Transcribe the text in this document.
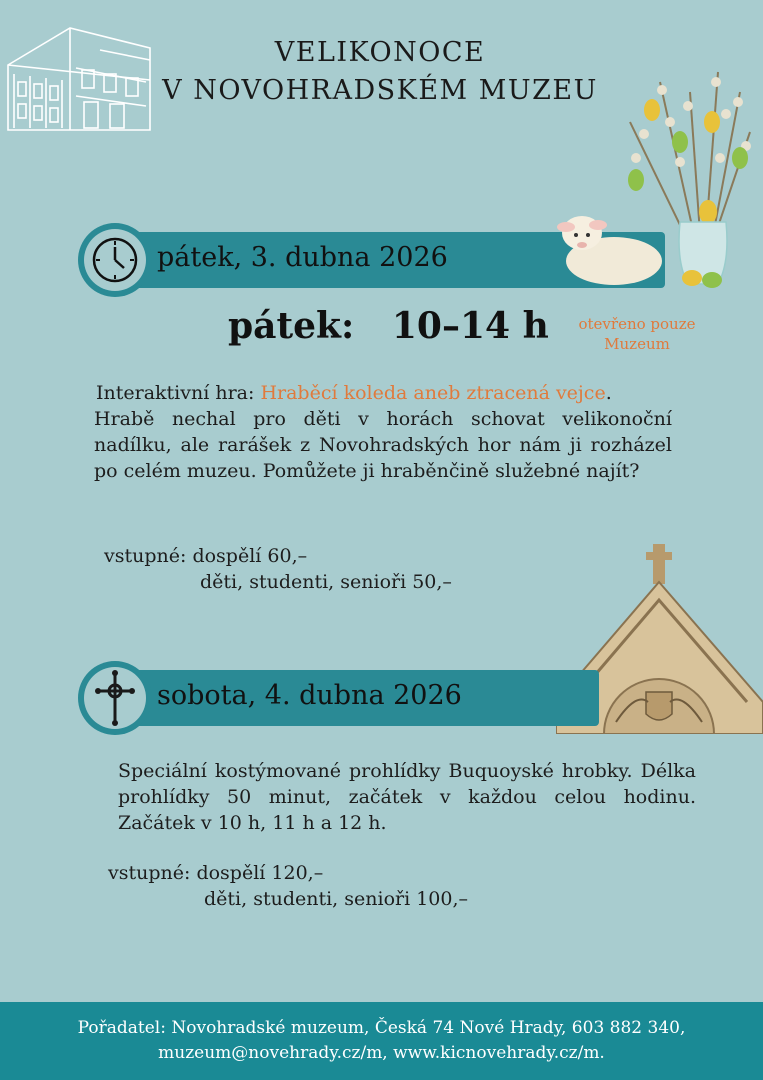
VELIKONOCE
V NOVOHRADSKÉM MUZEU
pátek, 3. dubna 2026
pátek: 10–14 h	otevřeno pouze
Muzeum
Interaktivní hra: Hraběcí koleda aneb ztracená vejce.
Hrabě nechal pro děti v horách schovat velikonoční nadílku, ale rarášek z Novohradských hor nám ji rozházel po celém muzeu. Pomůžete ji hraběnčině služebné najít?
vstupné: dospělí 60,–
děti, studenti, senioři 50,–
sobota, 4. dubna 2026
Speciální kostýmované prohlídky Buquoyské hrobky. Délka prohlídky 50 minut, začátek v každou celou hodinu. Začátek v 10 h, 11 h a 12 h.
vstupné: dospělí 120,–
děti, studenti, senioři 100,–
Pořadatel: Novohradské muzeum, Česká 74 Nové Hrady, 603 882 340,
muzeum@novehrady.cz/m, www.kicnovehrady.cz/m.
